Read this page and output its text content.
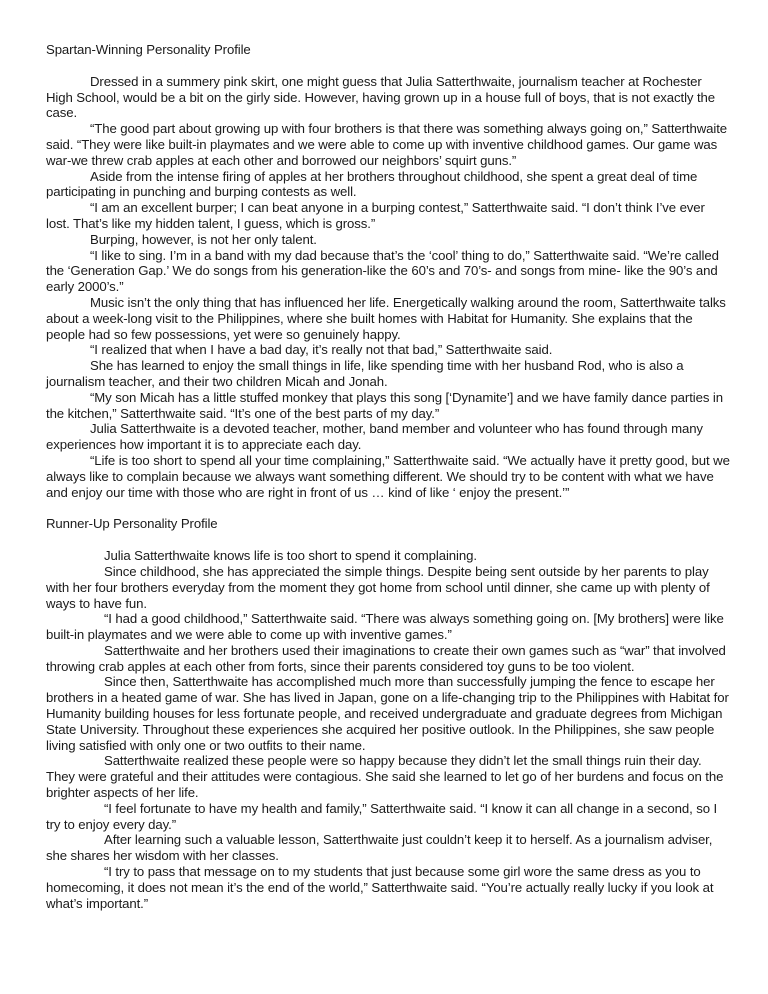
Spartan-Winning Personality Profile

Dressed in a summery pink skirt, one might guess that Julia Satterthwaite, journalism teacher at Rochester High School, would be a bit on the girly side. However, having grown up in a house full of boys, that is not exactly the case.

“The good part about growing up with four brothers is that there was something always going on,” Satterthwaite said. “They were like built-in playmates and we were able to come up with inventive childhood games. Our game was war-we threw crab apples at each other and borrowed our neighbors’ squirt guns.”

Aside from the intense firing of apples at her brothers throughout childhood, she spent a great deal of time participating in punching and burping contests as well.

“I am an excellent burper; I can beat anyone in a burping contest,” Satterthwaite said. “I don’t think I’ve ever lost. That’s like my hidden talent, I guess, which is gross.”

Burping, however, is not her only talent.

“I like to sing. I’m in a band with my dad because that’s the ‘cool’ thing to do,” Satterthwaite said. “We’re called the ‘Generation Gap.’ We do songs from his generation-like the 60’s and 70’s- and songs from mine- like the 90’s and early 2000’s.”

Music isn’t the only thing that has influenced her life. Energetically walking around the room, Satterthwaite talks about a week-long visit to the Philippines, where she built homes with Habitat for Humanity. She explains that the people had so few possessions, yet were so genuinely happy.

“I realized that when I have a bad day, it’s really not that bad,” Satterthwaite said.

She has learned to enjoy the small things in life, like spending time with her husband Rod, who is also a journalism teacher, and their two children Micah and Jonah.

“My son Micah has a little stuffed monkey that plays this song [‘Dynamite’] and we have family dance parties in the kitchen,” Satterthwaite said. “It’s one of the best parts of my day.”

Julia Satterthwaite is a devoted teacher, mother, band member and volunteer who has found through many experiences how important it is to appreciate each day.

“Life is too short to spend all your time complaining,” Satterthwaite said. “We actually have it pretty good, but we always like to complain because we always want something different. We should try to be content with what we have and enjoy our time with those who are right in front of us … kind of like ‘ enjoy the present.’”

Runner-Up Personality Profile

Julia Satterthwaite knows life is too short to spend it complaining.

Since childhood, she has appreciated the simple things. Despite being sent outside by her parents to play with her four brothers everyday from the moment they got home from school until dinner, she came up with plenty of ways to have fun.

“I had a good childhood,” Satterthwaite said. “There was always something going on. [My brothers] were like built-in playmates and we were able to come up with inventive games.”

Satterthwaite and her brothers used their imaginations to create their own games such as “war” that involved throwing crab apples at each other from forts, since their parents considered toy guns to be too violent.

Since then, Satterthwaite has accomplished much more than successfully jumping the fence to escape her brothers in a heated game of war. She has lived in Japan, gone on a life-changing trip to the Philippines with Habitat for Humanity building houses for less fortunate people, and received undergraduate and graduate degrees from Michigan State University. Throughout these experiences she acquired her positive outlook. In the Philippines, she saw people living satisfied with only one or two outfits to their name.

Satterthwaite realized these people were so happy because they didn’t let the small things ruin their day. They were grateful and their attitudes were contagious. She said she learned to let go of her burdens and focus on the brighter aspects of her life.

“I feel fortunate to have my health and family,” Satterthwaite said. “I know it can all change in a second, so I try to enjoy every day.”

After learning such a valuable lesson, Satterthwaite just couldn’t keep it to herself. As a journalism adviser, she shares her wisdom with her classes.

“I try to pass that message on to my students that just because some girl wore the same dress as you to homecoming, it does not mean it’s the end of the world,” Satterthwaite said. “You’re actually really lucky if you look at what’s important.”
